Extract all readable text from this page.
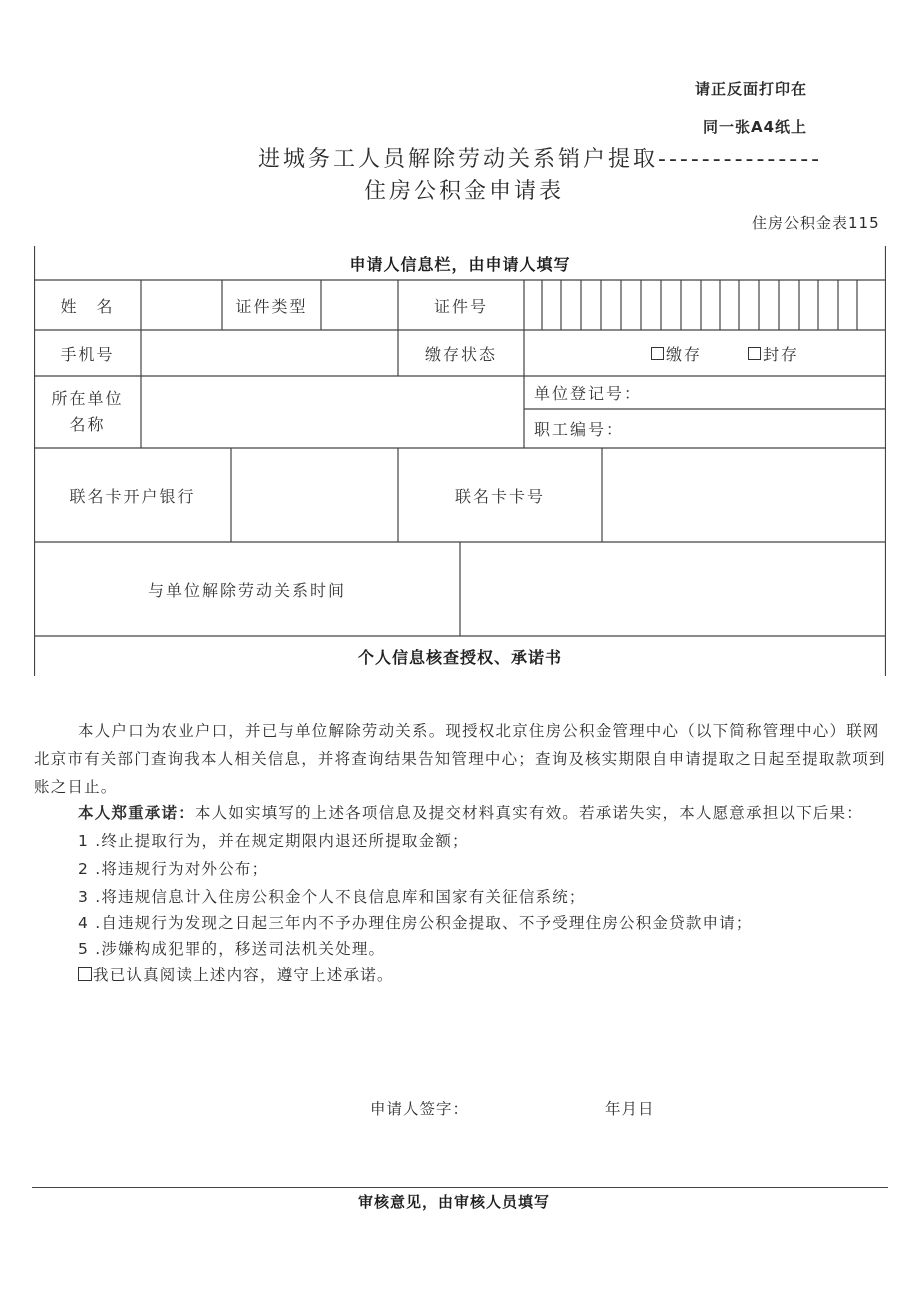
请正反面打印在
同一张A4纸上
进城务工人员解除劳动关系销户提取---------------
住房公积金申请表
住房公积金表115
申请人信息栏，由申请人填写
姓　名	证件类型	证件号
手机号	缴存状态	缴存	封存
所在单位
名称
单位登记号：
职工编号：
联名卡开户银行	联名卡卡号
与单位解除劳动关系时间
个人信息核查授权、承诺书
本人户口为农业户口，并已与单位解除劳动关系。现授权北京住房公积金管理中心（以下简称管理中心）联网北京市有关部门查询我本人相关信息，并将查询结果告知管理中心；查询及核实期限自申请提取之日起至提取款项到账之日止。
本人郑重承诺：本人如实填写的上述各项信息及提交材料真实有效。若承诺失实，本人愿意承担以下后果：
1 .终止提取行为，并在规定期限内退还所提取金额；
2 .将违规行为对外公布；
3 .将违规信息计入住房公积金个人不良信息库和国家有关征信系统；
4 .自违规行为发现之日起三年内不予办理住房公积金提取、不予受理住房公积金贷款申请；
5 .涉嫌构成犯罪的，移送司法机关处理。
我已认真阅读上述内容，遵守上述承诺。
申请人签字：	年月日
审核意见，由审核人员填写
